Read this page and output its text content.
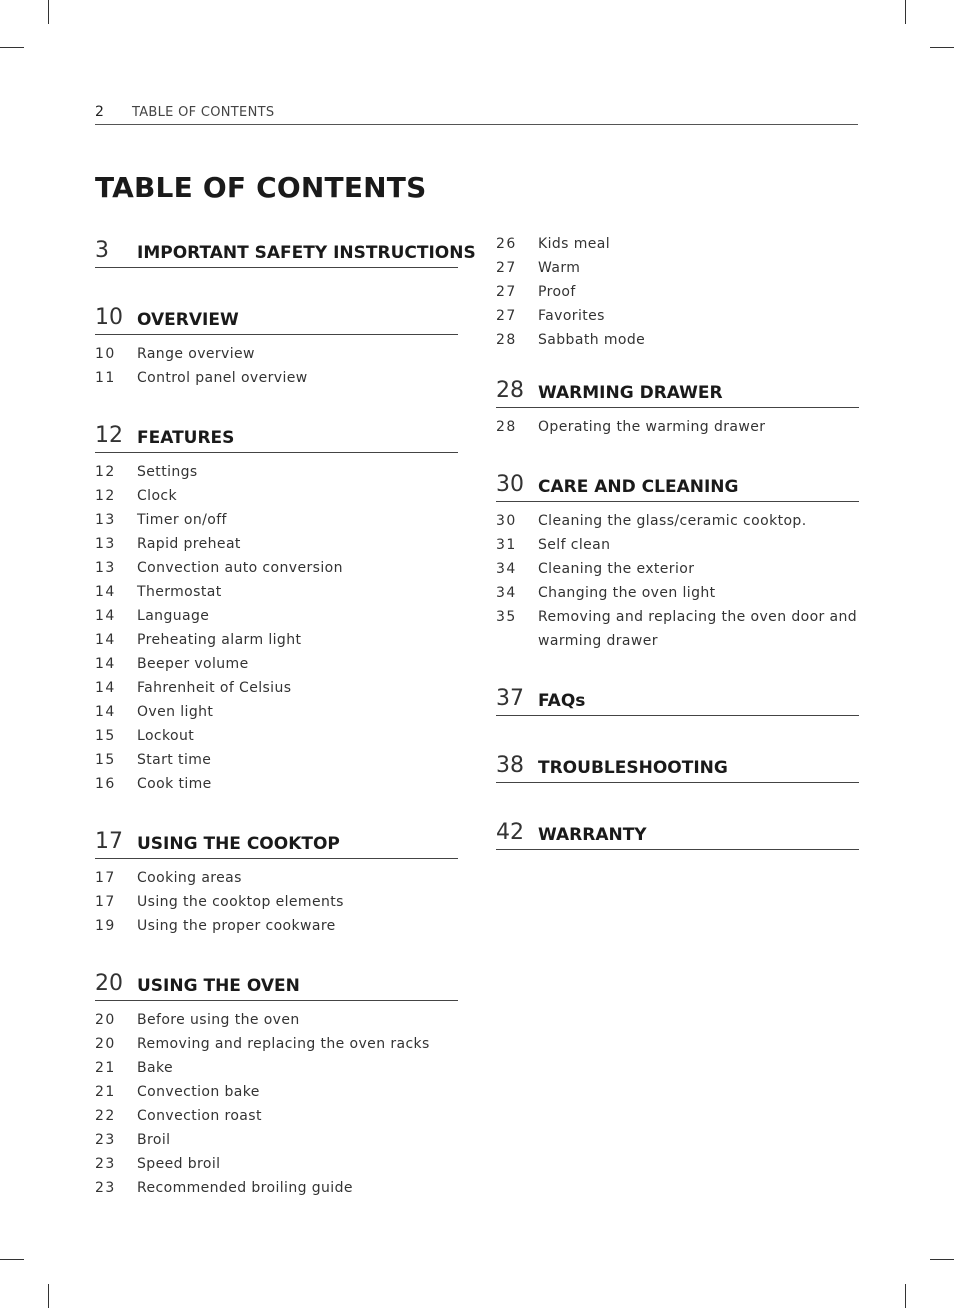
2 TABLE OF CONTENTS
TABLE OF CONTENTS
3 IMPORTANT SAFETY INSTRUCTIONS
10 OVERVIEW
10	Range overview
11	Control panel overview
12 FEATURES
12	Settings
12	Clock
13	Timer on/off
13	Rapid preheat
13	Convection auto conversion
14	Thermostat
14	Language
14	Preheating alarm light
14	Beeper volume
14	Fahrenheit of Celsius
14	Oven light
15	Lockout
15	Start time
16	Cook time
17 USING THE COOKTOP
17	Cooking areas
17	Using the cooktop elements
19	Using the proper cookware
20 USING THE OVEN
20	Before using the oven
20	Removing and replacing the oven racks
21	Bake
21	Convection bake
22	Convection roast
23	Broil
23	Speed broil
23	Recommended broiling guide
26	Kids meal
27	Warm
27	Proof
27	Favorites
28	Sabbath mode
28 WARMING DRAWER
28	Operating the warming drawer
30 CARE AND CLEANING
30	Cleaning the glass/ceramic cooktop.
31	Self clean
34	Cleaning the exterior
34	Changing the oven light
35	Removing and replacing the oven door and warming drawer
37 FAQs
38 TROUBLESHOOTING
42 WARRANTY
